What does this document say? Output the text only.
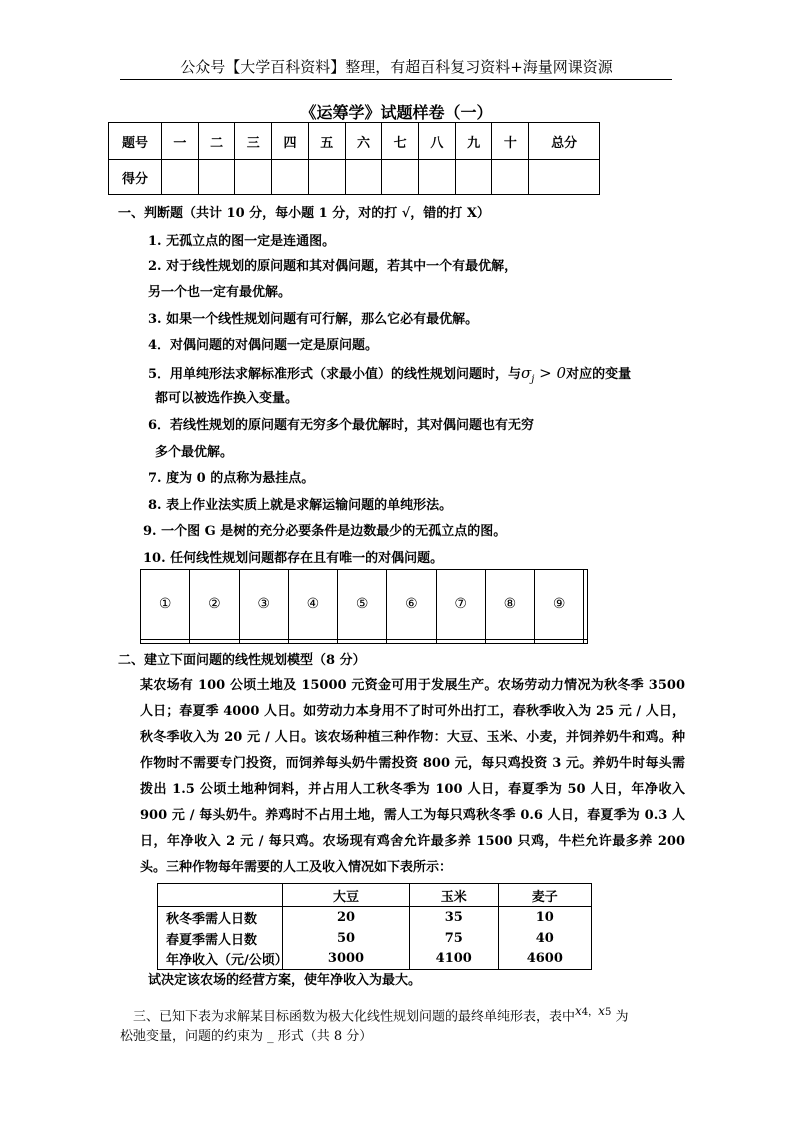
公众号【大学百科资料】整理，有超百科复习资料+海量网课资源
《运筹学》试题样卷（一）
题号	一	二	三	四	五	六	七	八	九	十	总分
得分											
一、判断题（共计 10 分，每小题 1 分，对的打 √，错的打 X）
1. 无孤立点的图一定是连通图。
2. 对于线性规划的原问题和其对偶问题，若其中一个有最优解，
另一个也一定有最优解。
3. 如果一个线性规划问题有可行解，那么它必有最优解。
4．对偶问题的对偶问题一定是原问题。
5．用单纯形法求解标准形式（求最小值）的线性规划问题时，与$\sigma_j > 0$对应的变量
都可以被选作换入变量。
6．若线性规划的原问题有无穷多个最优解时，其对偶问题也有无穷
多个最优解。
7. 度为 0 的点称为悬挂点。
8. 表上作业法实质上就是求解运输问题的单纯形法。
9. 一个图 G 是树的充分必要条件是边数最少的无孤立点的图。
10. 任何线性规划问题都存在且有唯一的对偶问题。
①	②	③	④	⑤	⑥	⑦	⑧	⑨	

二、建立下面问题的线性规划模型（8 分）
某农场有 100 公顷土地及 15000 元资金可用于发展生产。农场劳动力情况为秋冬季 3500 人日；春夏季 4000 人日。如劳动力本身用不了时可外出打工，春秋季收入为 25 元 / 人日，秋冬季收入为 20 元 / 人日。该农场种植三种作物：大豆、玉米、小麦，并饲养奶牛和鸡。种作物时不需要专门投资，而饲养每头奶牛需投资 800 元，每只鸡投资 3 元。养奶牛时每头需拨出 1.5 公顷土地种饲料，并占用人工秋冬季为 100 人日，春夏季为 50 人日，年净收入 900 元 / 每头奶牛。养鸡时不占用土地，需人工为每只鸡秋冬季 0.6 人日，春夏季为 0.3 人日，年净收入 2 元 / 每只鸡。农场现有鸡舍允许最多养 1500 只鸡，牛栏允许最多养 200 头。三种作物每年需要的人工及收入情况如下表所示：
	大豆	玉米	麦子
秋冬季需人日数	20	35	10
春夏季需人日数	50	75	40
年净收入（元/公顷）	3000	4100	4600
试决定该农场的经营方案，使年净收入为最大。
三、已知下表为求解某目标函数为极大化线性规划问题的最终单纯形表，表中$^{x4,x5}$ 为
松弛变量，问题的约束为 _ 形式（共 8 分）
